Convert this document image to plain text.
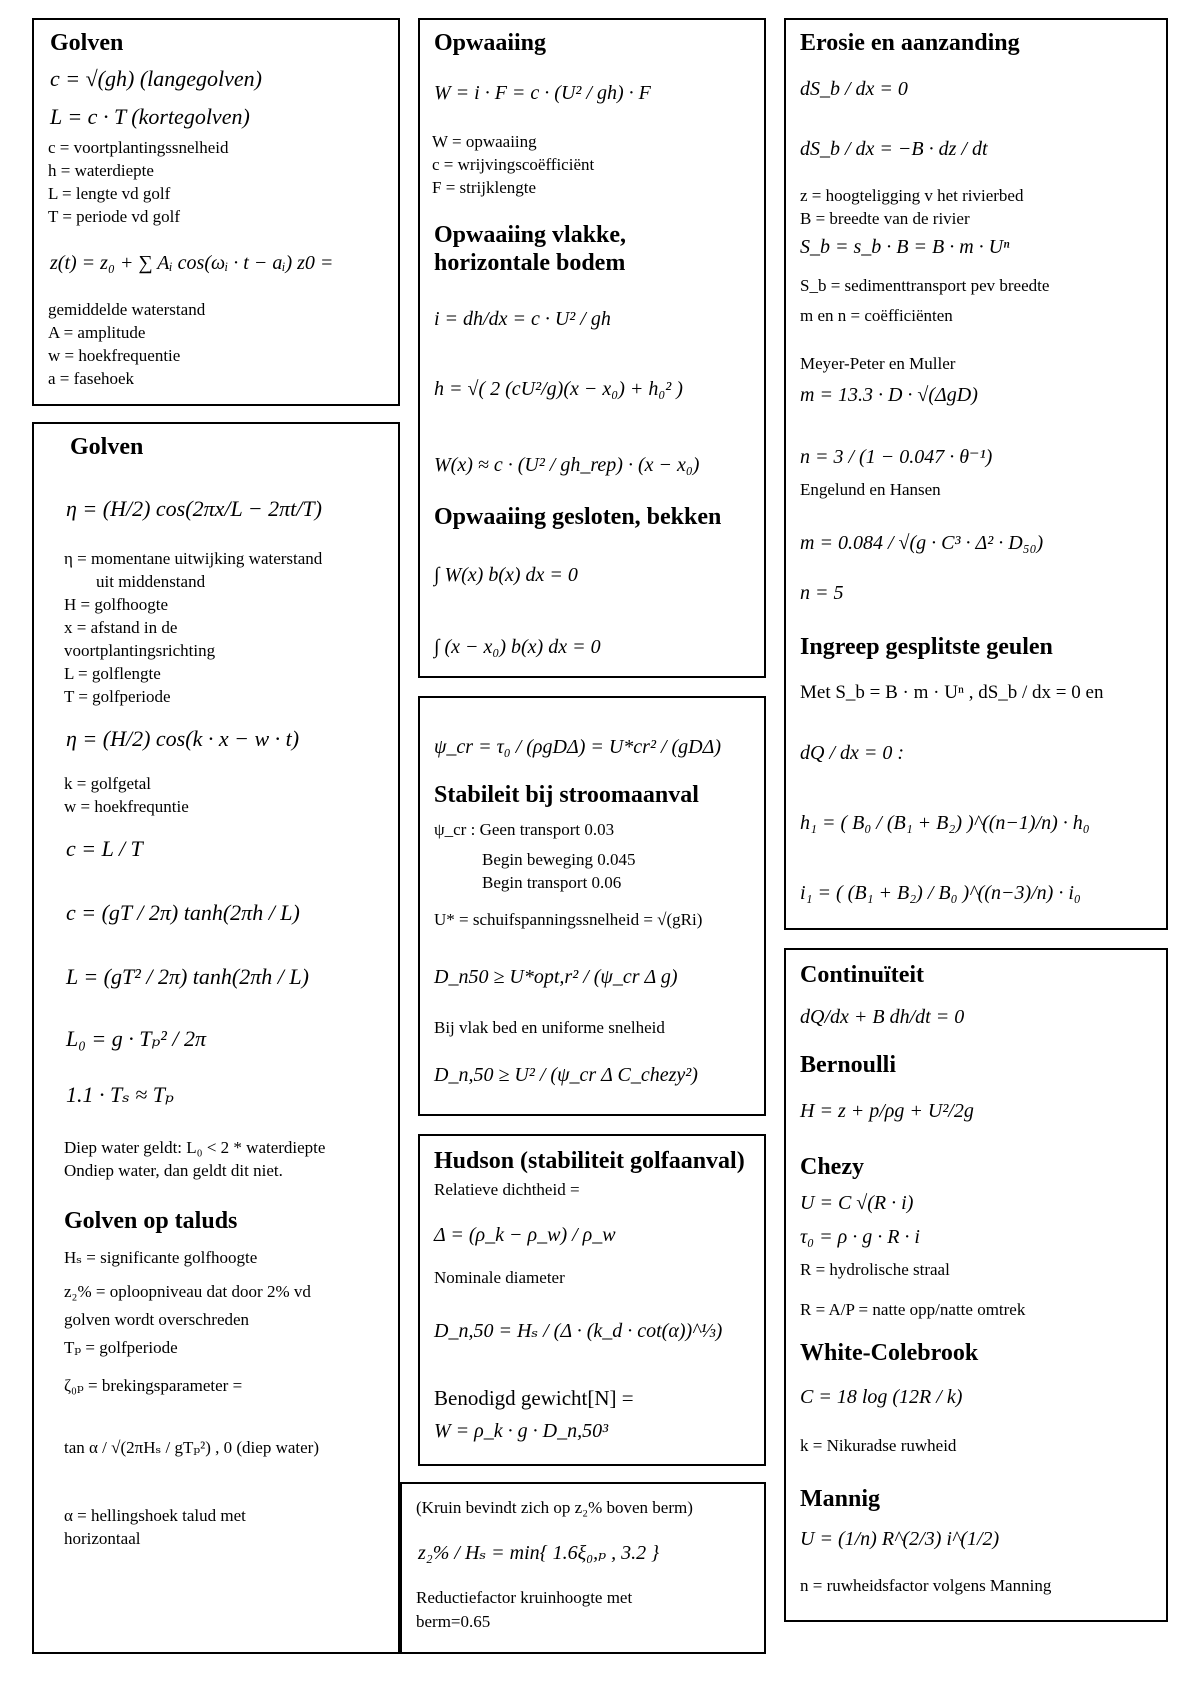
Golven
c = √(gh) (langegolven)
L = c · T (kortegolven)
c = voortplantingssnelheid
h = waterdiepte
L = lengte vd golf
T = periode vd golf
z(t) = z₀ + ∑ Aᵢ cos(ωᵢ · t − aᵢ) z0 =
gemiddelde waterstand
A = amplitude
w = hoekfrequentie
a = fasehoek
Golven
η = (H/2) cos(2πx/L − 2πt/T)
η = momentane uitwijking waterstand
uit middenstand
H = golfhoogte
x = afstand in de
voortplantingsrichting
L = golflengte
T = golfperiode
η = (H/2) cos(k · x − w · t)
k = golfgetal
w = hoekfrequntie
c = L / T
c = (gT / 2π) tanh(2πh / L)
L = (gT² / 2π) tanh(2πh / L)
L₀ = g · Tₚ² / 2π
1.1 · Tₛ ≈ Tₚ
Diep water geldt: L₀ < 2 * waterdiepte
Ondiep water, dan geldt dit niet.
Golven op taluds
Hₛ = significante golfhoogte
z₂% = oploopniveau dat door 2% vd
golven wordt overschreden
Tₚ = golfperiode
ζ₀ₚ = brekingsparameter =
tan α / √(2πHₛ / gTₚ²) , 0 (diep water)
α = hellingshoek talud met
horizontaal
Opwaaiing
W = i · F = c · (U² / gh) · F
W = opwaaiing
c = wrijvingscoëfficiënt
F = strijklengte
Opwaaiing vlakke,
horizontale bodem
i = dh/dx = c · U² / gh
h = √( 2 (cU²/g)(x − x₀) + h₀² )
W(x) ≈ c · (U² / gh_rep) · (x − x₀)
Opwaaiing gesloten, bekken
∫ W(x) b(x) dx = 0
∫ (x − x₀) b(x) dx = 0
ψ_cr = τ₀ / (ρgDΔ) = U*cr² / (gDΔ)
Stabileit bij stroomaanval
ψ_cr : Geen transport 0.03
Begin beweging 0.045
Begin transport 0.06
U* = schuifspanningssnelheid = √(gRi)
D_n50 ≥ U*opt,r² / (ψ_cr Δ g)
Bij vlak bed en uniforme snelheid
D_n,50 ≥ U² / (ψ_cr Δ C_chezy²)
Hudson (stabiliteit golfaanval)
Relatieve dichtheid =
Δ = (ρ_k − ρ_w) / ρ_w
Nominale diameter
D_n,50 = Hₛ / (Δ · (k_d · cot(α))^⅓)
Benodigd gewicht[N] =
W = ρ_k · g · D_n,50³
(Kruin bevindt zich op z₂% boven berm)
z₂% / Hₛ = min{ 1.6ξ₀,ₚ , 3.2 }
Reductiefactor kruinhoogte met
berm=0.65
Erosie en aanzanding
dS_b / dx = 0
dS_b / dx = −B · dz / dt
z = hoogteligging v het rivierbed
B = breedte van de rivier
S_b = s_b · B = B · m · Uⁿ
S_b = sedimenttransport pev breedte
m en n = coëfficiënten
Meyer-Peter en Muller
m = 13.3 · D · √(ΔgD)
n = 3 / (1 − 0.047 · θ⁻¹)
Engelund en Hansen
m = 0.084 / √(g · C³ · Δ² · D₅₀)
n = 5
Ingreep gesplitste geulen
Met S_b = B · m · Uⁿ , dS_b / dx = 0 en
dQ / dx = 0 :
h₁ = ( B₀ / (B₁ + B₂) )^((n−1)/n) · h₀
i₁ = ( (B₁ + B₂) / B₀ )^((n−3)/n) · i₀
Continuïteit
dQ/dx + B dh/dt = 0
Bernoulli
H = z + p/ρg + U²/2g
Chezy
U = C √(R · i)
τ₀ = ρ · g · R · i
R = hydrolische straal
R = A/P = natte opp/natte omtrek
White-Colebrook
C = 18 log (12R / k)
k = Nikuradse ruwheid
Mannig
U = (1/n) R^(2/3) i^(1/2)
n = ruwheidsfactor volgens Manning
